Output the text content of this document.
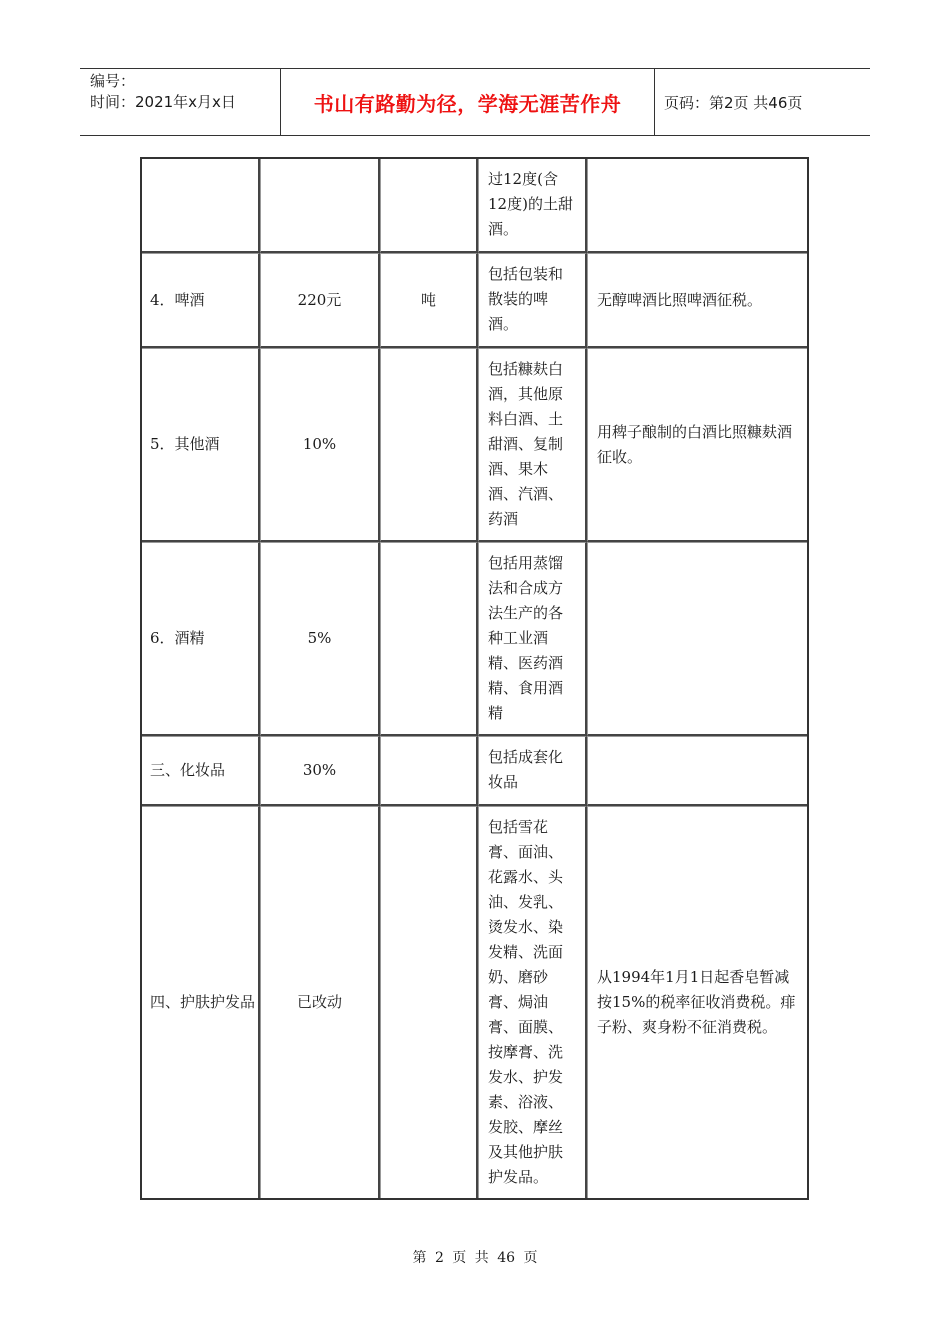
编号：
时间：2021年x月x日	书山有路勤为径，学海无涯苦作舟	页码：第2页 共46页
			过12度(含12度)的土甜酒。	
4．啤酒	220元	吨	包括包装和散装的啤酒。	无醇啤酒比照啤酒征税。
5．其他酒	10%		包括糠麸白酒，其他原料白酒、土甜酒、复制酒、果木酒、汽酒、药酒	用稗子酿制的白酒比照糠麸酒征收。
6．酒精	5%		包括用蒸馏法和合成方法生产的各种工业酒精、医药酒精、食用酒精	
三、化妆品	30%		包括成套化妆品	
四、护肤护发品	已改动		包括雪花膏、面油、花露水、头油、发乳、烫发水、染发精、洗面奶、磨砂膏、焗油膏、面膜、按摩膏、洗发水、护发素、浴液、发胶、摩丝及其他护肤护发品。	从1994年1月1日起香皂暂减按15%的税率征收消费税。痱子粉、爽身粉不征消费税。
第 2 页 共 46 页
